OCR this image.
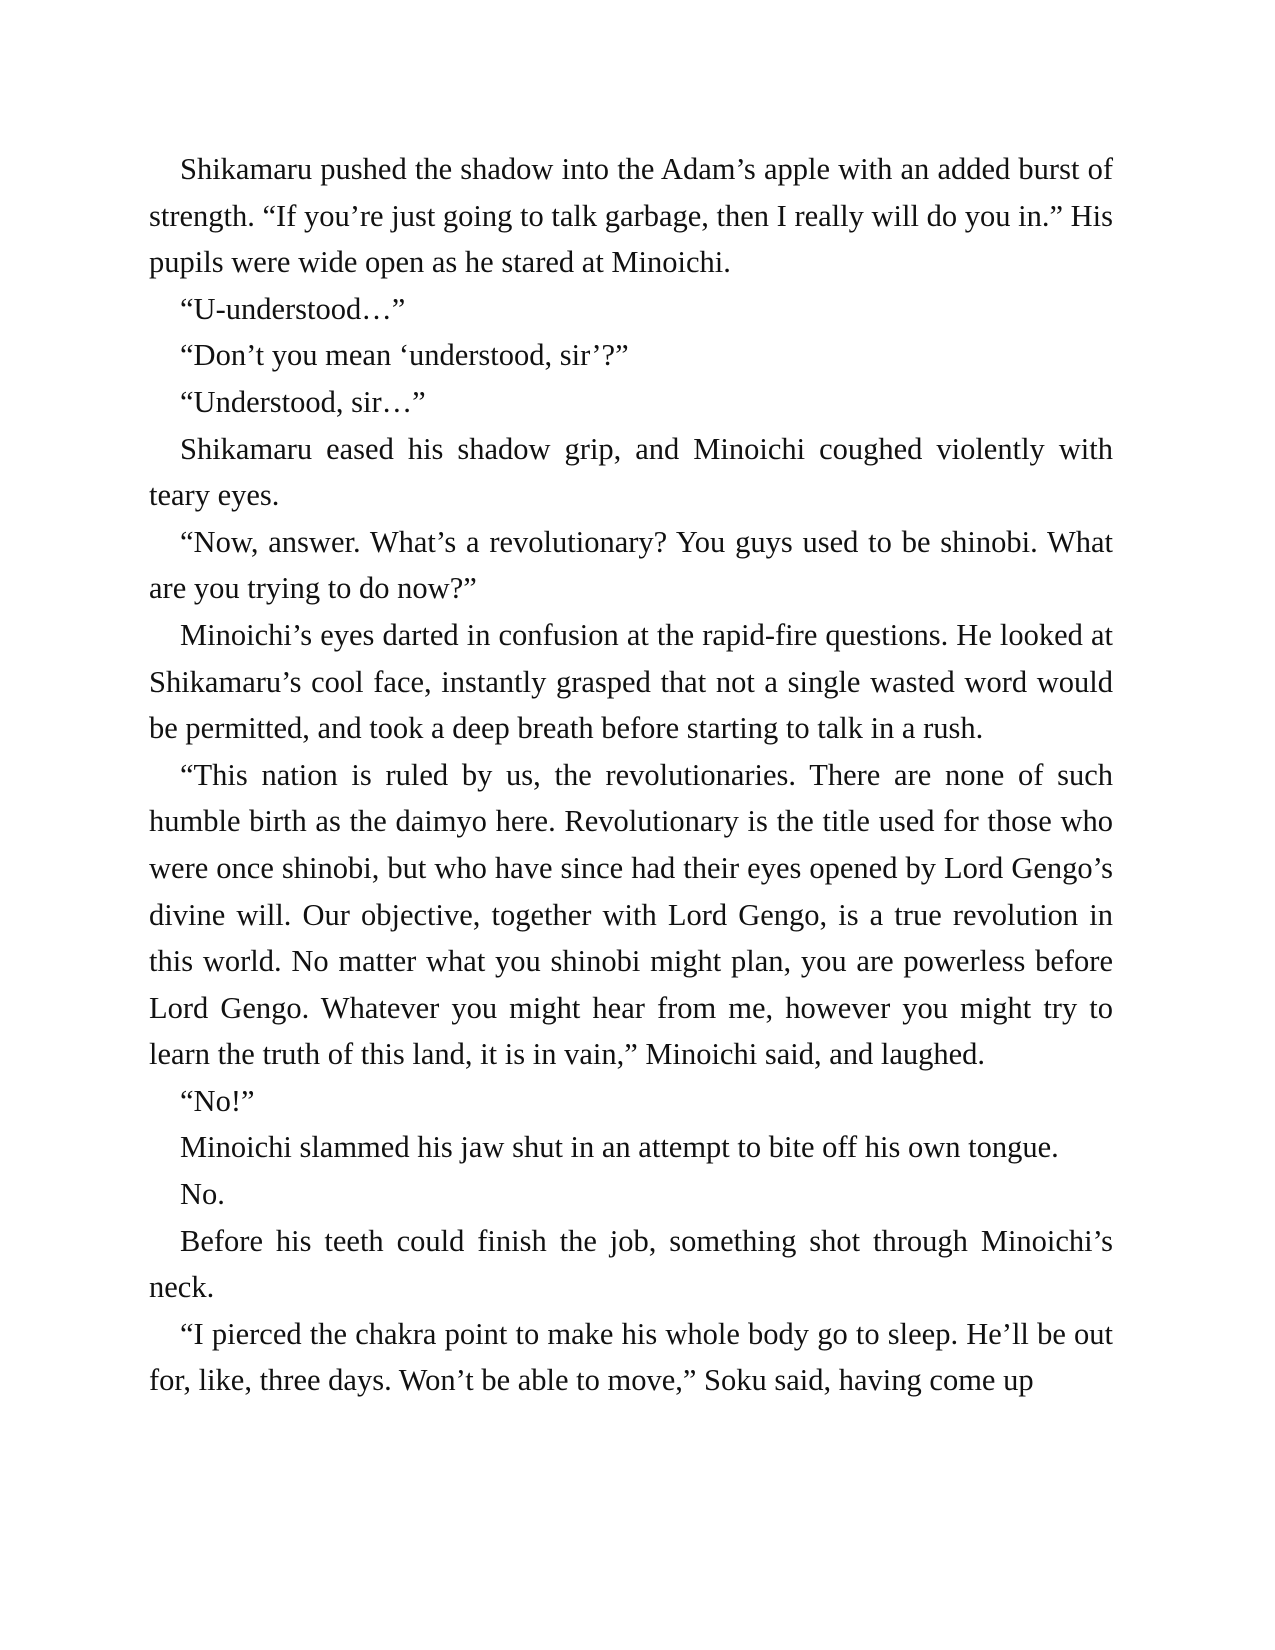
Shikamaru pushed the shadow into the Adam’s apple with an added burst of strength. “If you’re just going to talk garbage, then I really will do you in.” His pupils were wide open as he stared at Minoichi.

“U-understood…”

“Don’t you mean ‘understood, sir’?”

“Understood, sir…”

Shikamaru eased his shadow grip, and Minoichi coughed violently with teary eyes.

“Now, answer. What’s a revolutionary? You guys used to be shinobi. What are you trying to do now?”

Minoichi’s eyes darted in confusion at the rapid-fire questions. He looked at Shikamaru’s cool face, instantly grasped that not a single wasted word would be permitted, and took a deep breath before starting to talk in a rush.

“This nation is ruled by us, the revolutionaries. There are none of such humble birth as the daimyo here. Revolutionary is the title used for those who were once shinobi, but who have since had their eyes opened by Lord Gengo’s divine will. Our objective, together with Lord Gengo, is a true revolution in this world. No matter what you shinobi might plan, you are powerless before Lord Gengo. Whatever you might hear from me, however you might try to learn the truth of this land, it is in vain,” Minoichi said, and laughed.

“No!”

Minoichi slammed his jaw shut in an attempt to bite off his own tongue.

No.

Before his teeth could finish the job, something shot through Minoichi’s neck.

“I pierced the chakra point to make his whole body go to sleep. He’ll be out for, like, three days. Won’t be able to move,” Soku said, having come up
